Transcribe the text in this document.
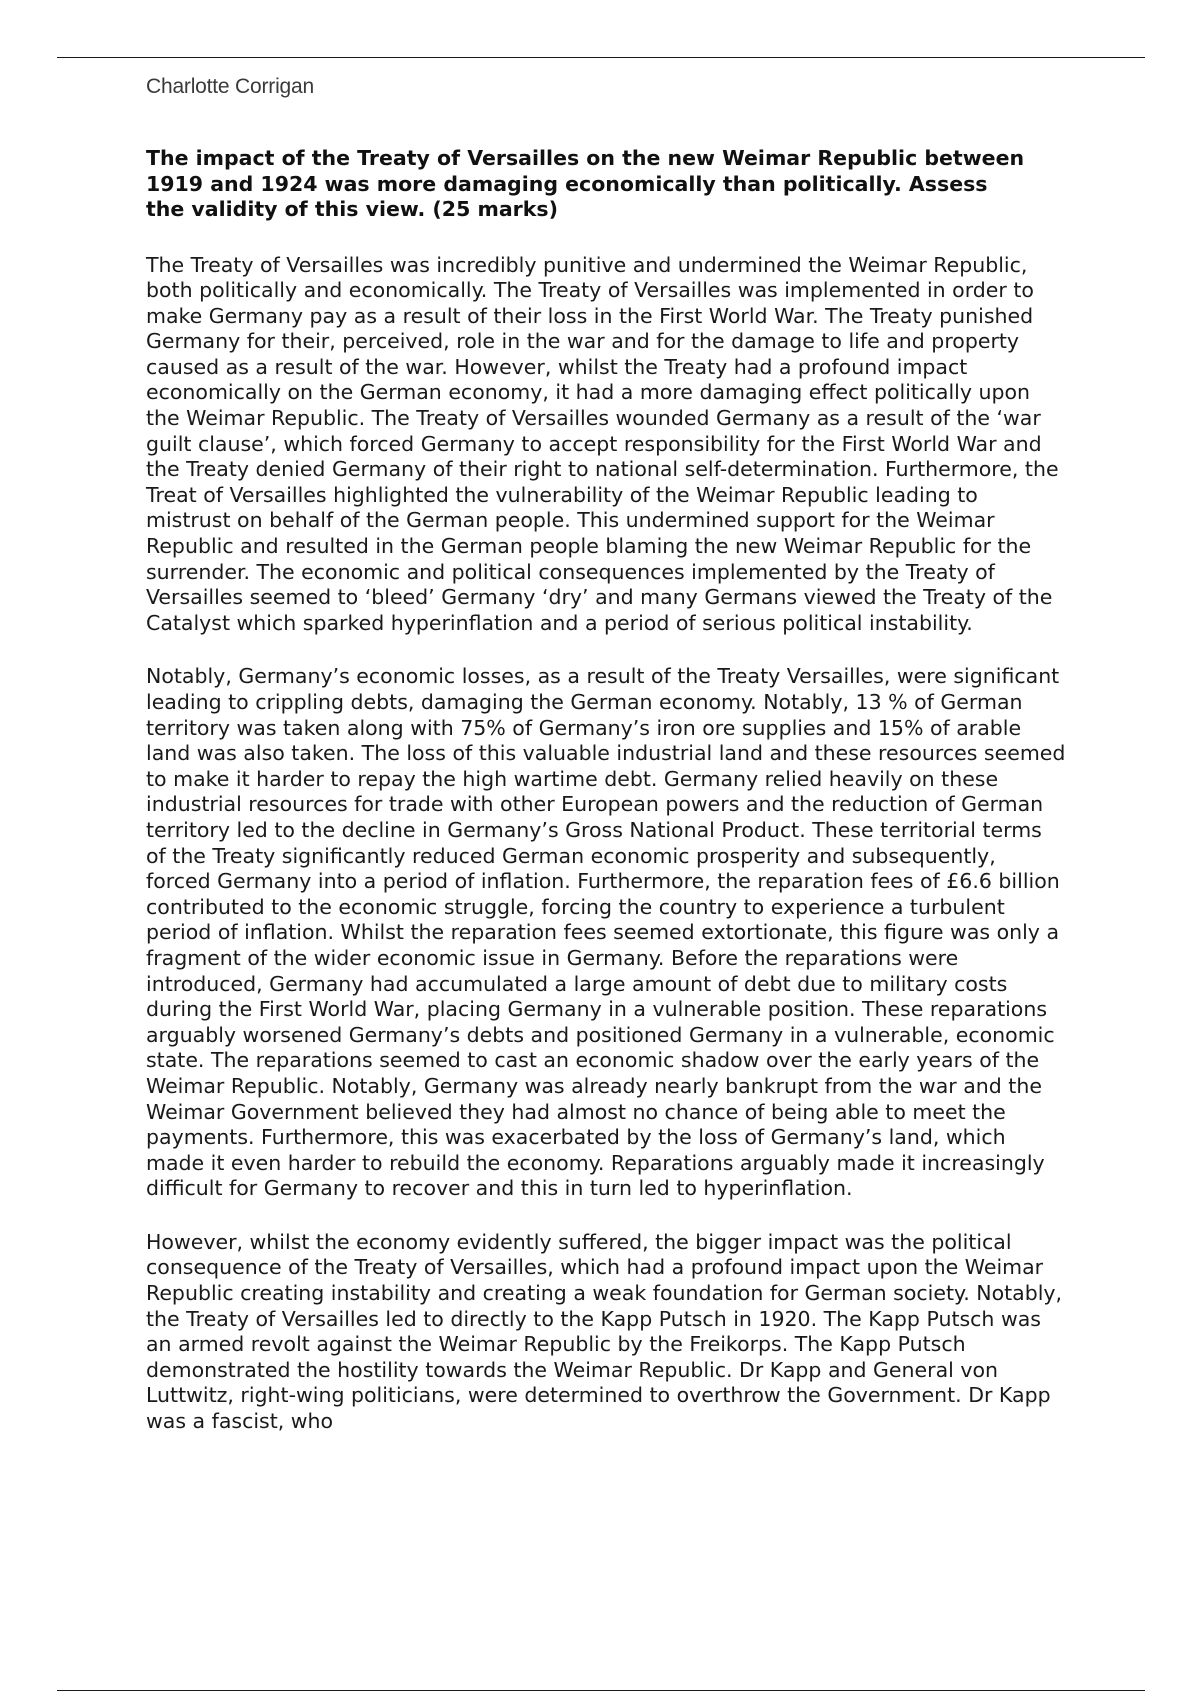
Charlotte Corrigan

The impact of the Treaty of Versailles on the new Weimar Republic between 1919 and 1924 was more damaging economically than politically. Assess the validity of this view. (25 marks)

The Treaty of Versailles was incredibly punitive and undermined the Weimar Republic, both politically and economically. The Treaty of Versailles was implemented in order to make Germany pay as a result of their loss in the First World War. The Treaty punished Germany for their, perceived, role in the war and for the damage to life and property caused as a result of the war. However, whilst the Treaty had a profound impact economically on the German economy, it had a more damaging effect politically upon the Weimar Republic. The Treaty of Versailles wounded Germany as a result of the ‘war guilt clause’, which forced Germany to accept responsibility for the First World War and the Treaty denied Germany of their right to national self-determination. Furthermore, the Treat of Versailles highlighted the vulnerability of the Weimar Republic leading to mistrust on behalf of the German people. This undermined support for the Weimar Republic and resulted in the German people blaming the new Weimar Republic for the surrender. The economic and political consequences implemented by the Treaty of Versailles seemed to ‘bleed’ Germany ‘dry’ and many Germans viewed the Treaty of the Catalyst which sparked hyperinflation and a period of serious political instability.

Notably, Germany’s economic losses, as a result of the Treaty Versailles, were significant leading to crippling debts, damaging the German economy. Notably, 13 % of German territory was taken along with 75% of Germany’s iron ore supplies and 15% of arable land was also taken. The loss of this valuable industrial land and these resources seemed to make it harder to repay the high wartime debt. Germany relied heavily on these industrial resources for trade with other European powers and the reduction of German territory led to the decline in Germany’s Gross National Product. These territorial terms of the Treaty significantly reduced German economic prosperity and subsequently, forced Germany into a period of inflation. Furthermore, the reparation fees of £6.6 billion contributed to the economic struggle, forcing the country to experience a turbulent period of inflation. Whilst the reparation fees seemed extortionate, this figure was only a fragment of the wider economic issue in Germany. Before the reparations were introduced, Germany had accumulated a large amount of debt due to military costs during the First World War, placing Germany in a vulnerable position. These reparations arguably worsened Germany’s debts and positioned Germany in a vulnerable, economic state. The reparations seemed to cast an economic shadow over the early years of the Weimar Republic. Notably, Germany was already nearly bankrupt from the war and the Weimar Government believed they had almost no chance of being able to meet the payments. Furthermore, this was exacerbated by the loss of Germany’s land, which made it even harder to rebuild the economy. Reparations arguably made it increasingly difficult for Germany to recover and this in turn led to hyperinflation.

However, whilst the economy evidently suffered, the bigger impact was the political consequence of the Treaty of Versailles, which had a profound impact upon the Weimar Republic creating instability and creating a weak foundation for German society. Notably, the Treaty of Versailles led to directly to the Kapp Putsch in 1920. The Kapp Putsch was an armed revolt against the Weimar Republic by the Freikorps. The Kapp Putsch demonstrated the hostility towards the Weimar Republic. Dr Kapp and General von Luttwitz, right-wing politicians, were determined to overthrow the Government. Dr Kapp was a fascist, who
